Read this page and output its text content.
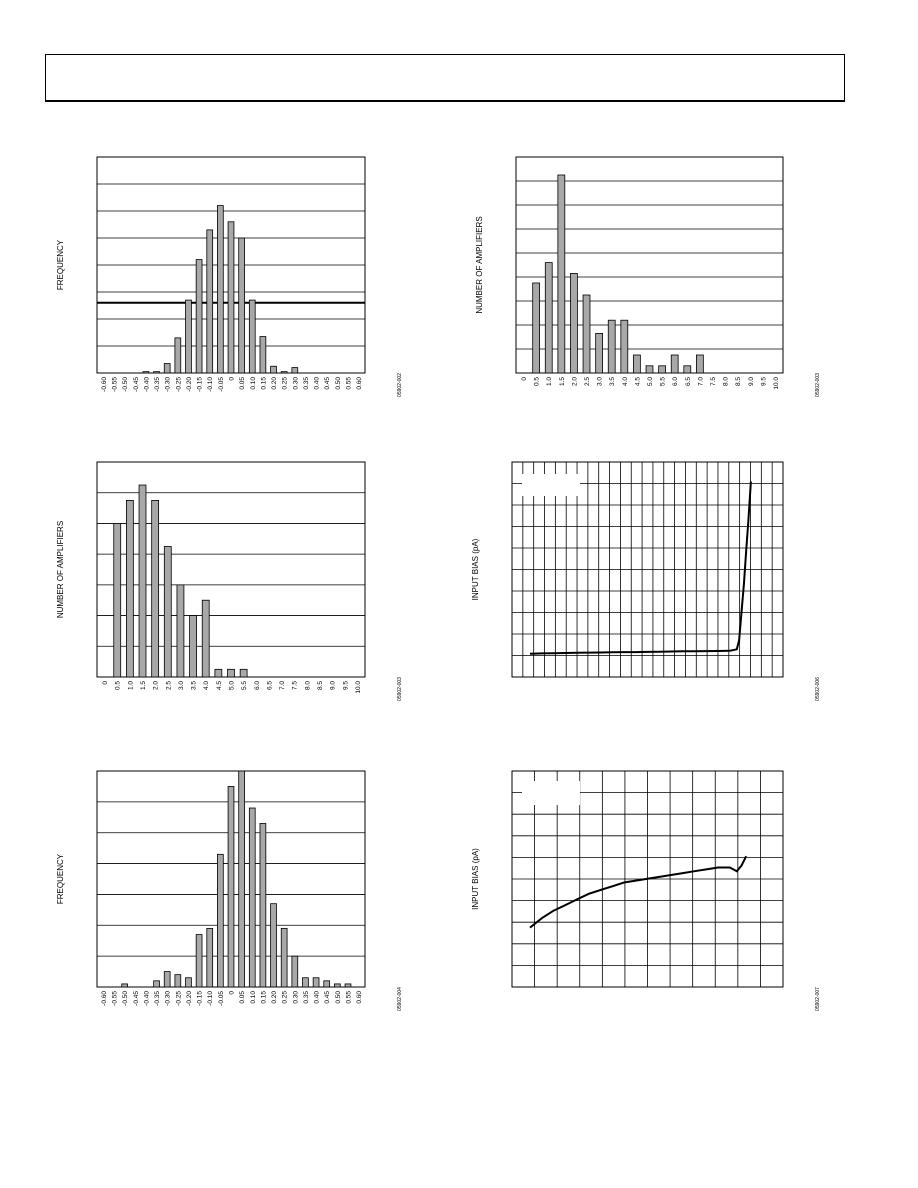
FREQUENCY
05902-002
-0.60 -0.55 -0.50 -0.45 -0.40 -0.35 -0.30 -0.25 -0.20 -0.15 -0.10 -0.05 0 0.05 0.10 0.15 0.20 0.25 0.30 0.35 0.40 0.45 0.50 0.55 0.60
NUMBER OF AMPLIFIERS
05902-003
0 0.5 1.0 1.5 2.0 2.5 3.0 3.5 4.0 4.5 5.0 5.5 6.0 6.5 7.0 7.5 8.0 8.5 9.0 9.5 10.0
NUMBER OF AMPLIFIERS
05902-003
0 0.5 1.0 1.5 2.0 2.5 3.0 3.5 4.0 4.5 5.0 5.5 6.0 6.5 7.0 7.5 8.0 8.5 9.0 9.5 10.0
INPUT BIAS (pA)
05902-006
FREQUENCY
05902-004
-0.60 -0.55 -0.50 -0.45 -0.40 -0.35 -0.30 -0.25 -0.20 -0.15 -0.10 -0.05 0 0.05 0.10 0.15 0.20 0.25 0.30 0.35 0.40 0.45 0.50 0.55 0.60
INPUT BIAS (pA)
05902-007
